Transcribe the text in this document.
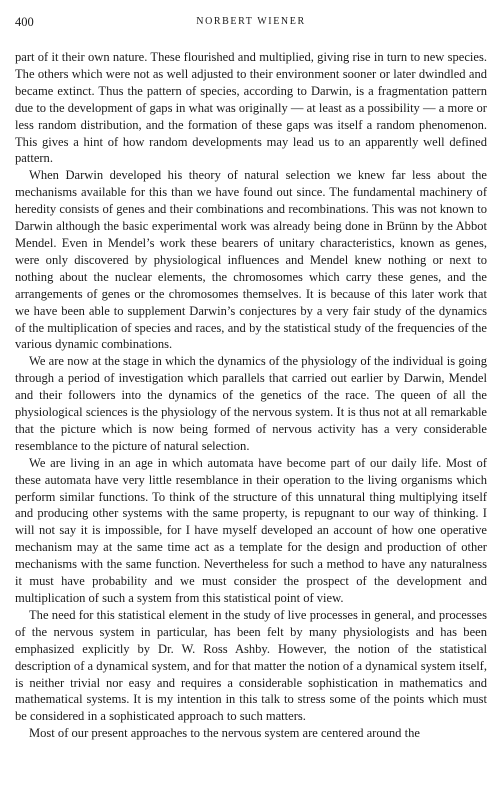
400	NORBERT WIENER

part of it their own nature. These flourished and multiplied, giving rise in turn to new species. The others which were not as well adjusted to their environment sooner or later dwindled and became extinct. Thus the pattern of species, according to Darwin, is a fragmentation pattern due to the development of gaps in what was originally — at least as a possibility — a more or less random distribution, and the formation of these gaps was itself a random phenomenon. This gives a hint of how random developments may lead us to an apparently well defined pattern.

When Darwin developed his theory of natural selection we knew far less about the mechanisms available for this than we have found out since. The fundamental machinery of heredity consists of genes and their combinations and recombinations. This was not known to Darwin although the basic experimental work was already being done in Brünn by the Abbot Mendel. Even in Mendel’s work these bearers of unitary characteristics, known as genes, were only discovered by physiological influences and Mendel knew nothing or next to nothing about the nuclear elements, the chromosomes which carry these genes, and the arrangements of genes or the chromosomes themselves. It is because of this later work that we have been able to supplement Darwin’s conjectures by a very fair study of the dynamics of the multiplication of species and races, and by the statistical study of the frequencies of the various dynamic combinations.

We are now at the stage in which the dynamics of the physiology of the individual is going through a period of investigation which parallels that carried out earlier by Darwin, Mendel and their followers into the dynamics of the genetics of the race. The queen of all the physiological sciences is the physiology of the nervous system. It is thus not at all remarkable that the picture which is now being formed of nervous activity has a very considerable resemblance to the picture of natural selection.

We are living in an age in which automata have become part of our daily life. Most of these automata have very little resemblance in their operation to the living organisms which perform similar functions. To think of the structure of this unnatural thing multiplying itself and producing other systems with the same property, is repugnant to our way of thinking. I will not say it is impossible, for I have myself developed an account of how one operative mechanism may at the same time act as a template for the design and production of other mechanisms with the same function. Nevertheless for such a method to have any naturalness it must have probability and we must consider the prospect of the development and multiplication of such a system from this statistical point of view.

The need for this statistical element in the study of live processes in general, and processes of the nervous system in particular, has been felt by many physiologists and has been emphasized explicitly by Dr. W. Ross Ashby. However, the notion of the statistical description of a dynamical system, and for that matter the notion of a dynamical system itself, is neither trivial nor easy and requires a considerable sophistication in mathematics and mathematical systems. It is my intention in this talk to stress some of the points which must be considered in a sophisticated approach to such matters.

Most of our present approaches to the nervous system are centered around the
